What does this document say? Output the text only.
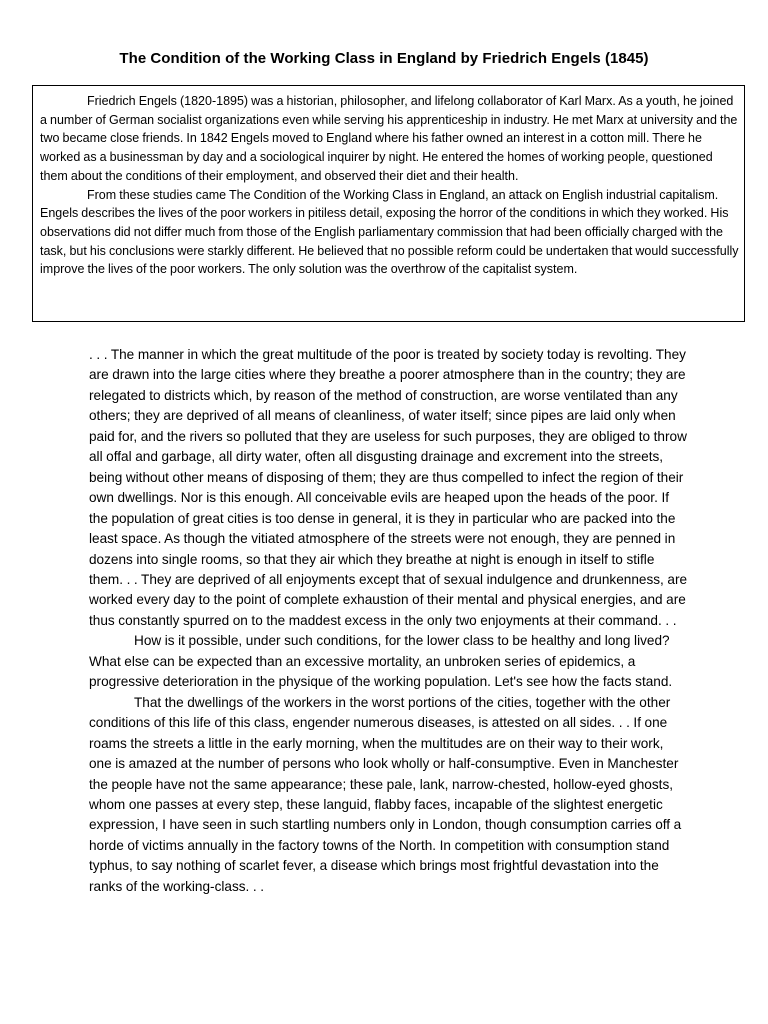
The Condition of the Working Class in England by Friedrich Engels (1845)

Friedrich Engels (1820-1895) was a historian, philosopher, and lifelong collaborator of Karl Marx. As a youth, he joined a number of German socialist organizations even while serving his apprenticeship in industry. He met Marx at university and the two became close friends. In 1842 Engels moved to England where his father owned an interest in a cotton mill. There he worked as a businessman by day and a sociological inquirer by night. He entered the homes of working people, questioned them about the conditions of their employment, and observed their diet and their health.

From these studies came The Condition of the Working Class in England, an attack on English industrial capitalism. Engels describes the lives of the poor workers in pitiless detail, exposing the horror of the conditions in which they worked. His observations did not differ much from those of the English parliamentary commission that had been officially charged with the task, but his conclusions were starkly different. He believed that no possible reform could be undertaken that would successfully improve the lives of the poor workers. The only solution was the overthrow of the capitalist system.

. . . The manner in which the great multitude of the poor is treated by society today is revolting. They are drawn into the large cities where they breathe a poorer atmosphere than in the country; they are relegated to districts which, by reason of the method of construction, are worse ventilated than any others; they are deprived of all means of cleanliness, of water itself; since pipes are laid only when paid for, and the rivers so polluted that they are useless for such purposes, they are obliged to throw all offal and garbage, all dirty water, often all disgusting drainage and excrement into the streets, being without other means of disposing of them; they are thus compelled to infect the region of their own dwellings. Nor is this enough. All conceivable evils are heaped upon the heads of the poor. If the population of great cities is too dense in general, it is they in particular who are packed into the least space. As though the vitiated atmosphere of the streets were not enough, they are penned in dozens into single rooms, so that they air which they breathe at night is enough in itself to stifle them. . . They are deprived of all enjoyments except that of sexual indulgence and drunkenness, are worked every day to the point of complete exhaustion of their mental and physical energies, and are thus constantly spurred on to the maddest excess in the only two enjoyments at their command. . .

How is it possible, under such conditions, for the lower class to be healthy and long lived? What else can be expected than an excessive mortality, an unbroken series of epidemics, a progressive deterioration in the physique of the working population. Let's see how the facts stand.

That the dwellings of the workers in the worst portions of the cities, together with the other conditions of this life of this class, engender numerous diseases, is attested on all sides. . . If one roams the streets a little in the early morning, when the multitudes are on their way to their work, one is amazed at the number of persons who look wholly or half-consumptive. Even in Manchester the people have not the same appearance; these pale, lank, narrow-chested, hollow-eyed ghosts, whom one passes at every step, these languid, flabby faces, incapable of the slightest energetic expression, I have seen in such startling numbers only in London, though consumption carries off a horde of victims annually in the factory towns of the North. In competition with consumption stand typhus, to say nothing of scarlet fever, a disease which brings most frightful devastation into the ranks of the working-class. . .
